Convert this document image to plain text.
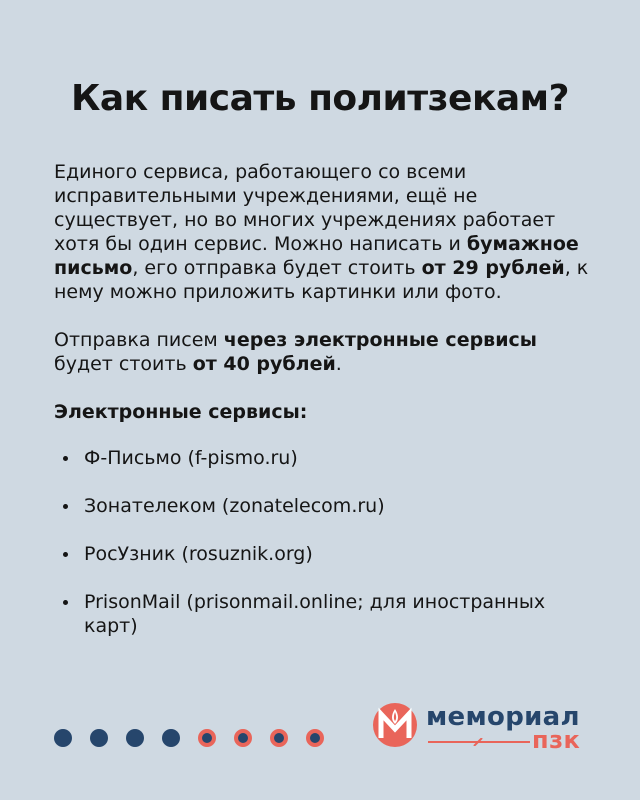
Как писать политзекам?

Единого сервиса, работающего со всеми исправительными учреждениями, ещё не существует, но во многих учреждениях работает хотя бы один сервис. Можно написать и бумажное письмо, его отправка будет стоить от 29 рублей, к нему можно приложить картинки или фото.

Отправка писем через электронные сервисы будет стоить от 40 рублей.

Электронные сервисы:

Ф-Письмо (f-pismo.ru)
Зонателеком (zonatelecom.ru)
РосУзник (rosuznik.org)
PrisonMail (prisonmail.online; для иностранных карт)
мемориал
пзк
